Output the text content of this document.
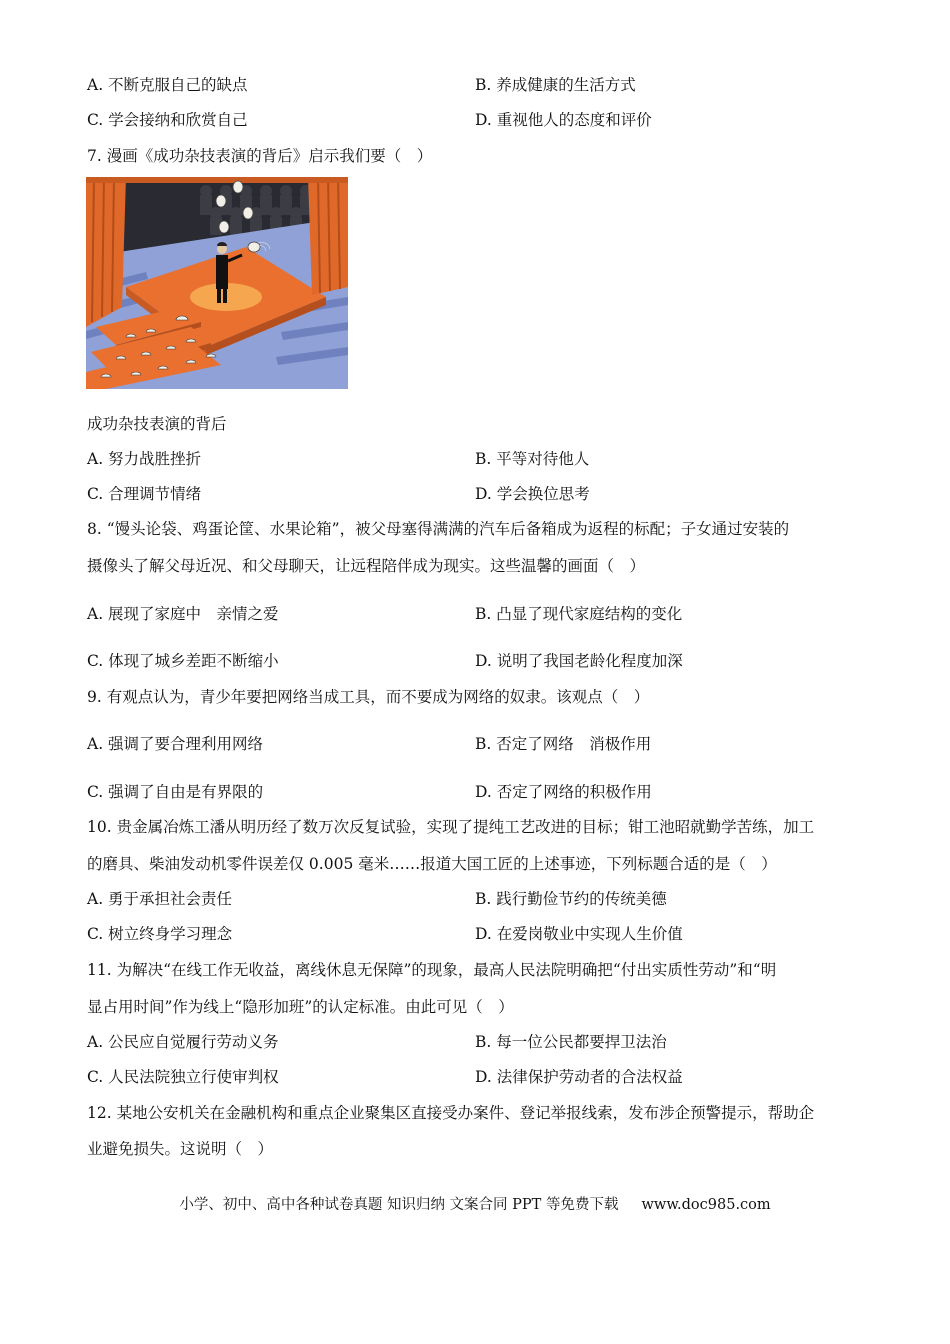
A. 不断克服自己的缺点	B. 养成健康的生活方式
C. 学会接纳和欣赏自己	D. 重视他人的态度和评价
7. 漫画《成功杂技表演的背后》启示我们要（　）
成功杂技表演的背后
A. 努力战胜挫折	B. 平等对待他人
C. 合理调节情绪	D. 学会换位思考
8. “馒头论袋、鸡蛋论筐、水果论箱”，被父母塞得满满的汽车后备箱成为返程的标配；子女通过安装的
摄像头了解父母近况、和父母聊天，让远程陪伴成为现实。这些温馨的画面（　）
A. 展现了家庭中　亲情之爱	B. 凸显了现代家庭结构的变化
C. 体现了城乡差距不断缩小	D. 说明了我国老龄化程度加深
9. 有观点认为，青少年要把网络当成工具，而不要成为网络的奴隶。该观点（　）
A. 强调了要合理利用网络	B. 否定了网络　消极作用
C. 强调了自由是有界限的	D. 否定了网络的积极作用
10. 贵金属冶炼工潘从明历经了数万次反复试验，实现了提纯工艺改进的目标；钳工池昭就勤学苦练，加工
的磨具、柴油发动机零件误差仅 0.005 毫米……报道大国工匠的上述事迹，下列标题合适的是（　）
A. 勇于承担社会责任	B. 践行勤俭节约的传统美德
C. 树立终身学习理念	D. 在爱岗敬业中实现人生价值
11. 为解决“在线工作无收益，离线休息无保障”的现象，最高人民法院明确把“付出实质性劳动”和“明
显占用时间”作为线上“隐形加班”的认定标准。由此可见（　）
A. 公民应自觉履行劳动义务	B. 每一位公民都要捍卫法治
C. 人民法院独立行使审判权	D. 法律保护劳动者的合法权益
12. 某地公安机关在金融机构和重点企业聚集区直接受办案件、登记举报线索，发布涉企预警提示，帮助企
业避免损失。这说明（　）
小学、初中、高中各种试卷真题 知识归纳 文案合同 PPT 等免费下载 www.doc985.com
